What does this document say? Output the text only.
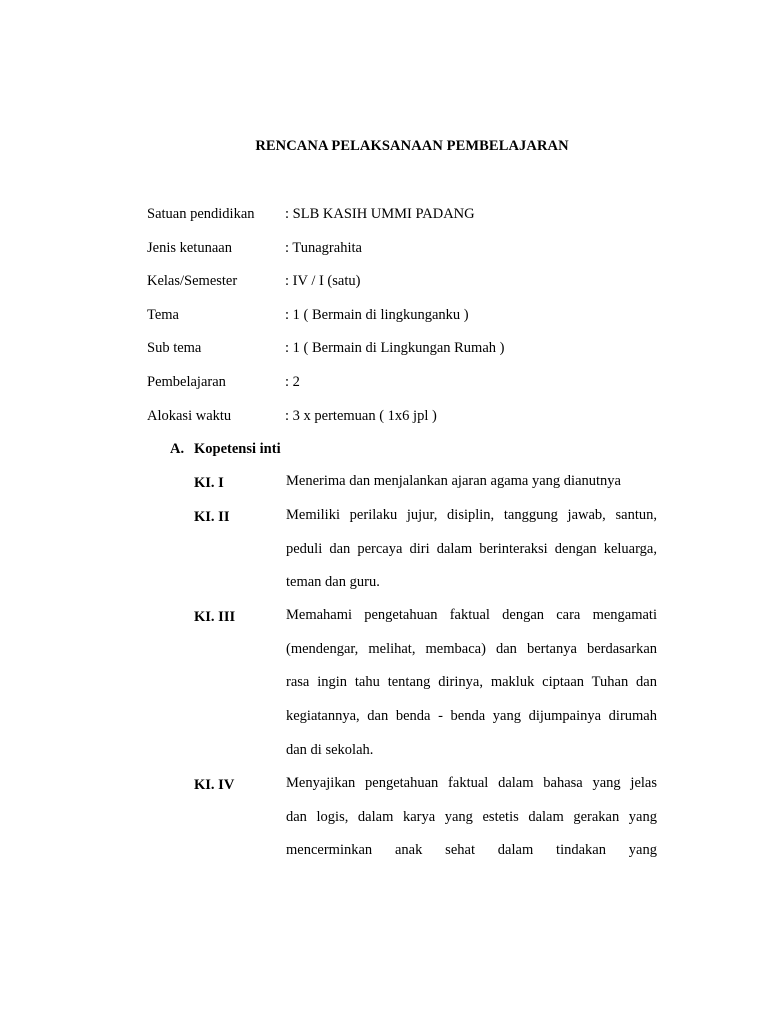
RENCANA PELAKSANAAN PEMBELAJARAN
Satuan pendidikan : SLB KASIH UMMI PADANG
Jenis ketunaan	: Tunagrahita
Kelas/Semester	: IV / I (satu)
Tema	: 1 ( Bermain di lingkunganku )
Sub tema	: 1 ( Bermain di Lingkungan Rumah )
Pembelajaran	: 2
Alokasi waktu	: 3 x pertemuan ( 1x6 jpl )
A. Kopetensi inti
KI. I	Menerima dan menjalankan ajaran agama yang dianutnya
KI. II	Memiliki perilaku jujur, disiplin, tanggung jawab, santun,
peduli dan percaya diri dalam berinteraksi dengan keluarga,
teman dan guru.
KI. III	Memahami pengetahuan faktual dengan cara mengamati
(mendengar, melihat, membaca) dan bertanya berdasarkan
rasa ingin tahu tentang dirinya, makluk ciptaan Tuhan dan
kegiatannya, dan benda - benda yang dijumpainya dirumah
dan di sekolah.
KI. IV	Menyajikan pengetahuan faktual dalam bahasa yang jelas
dan logis, dalam karya yang estetis dalam gerakan yang
mencerminkan anak sehat dalam tindakan yang
